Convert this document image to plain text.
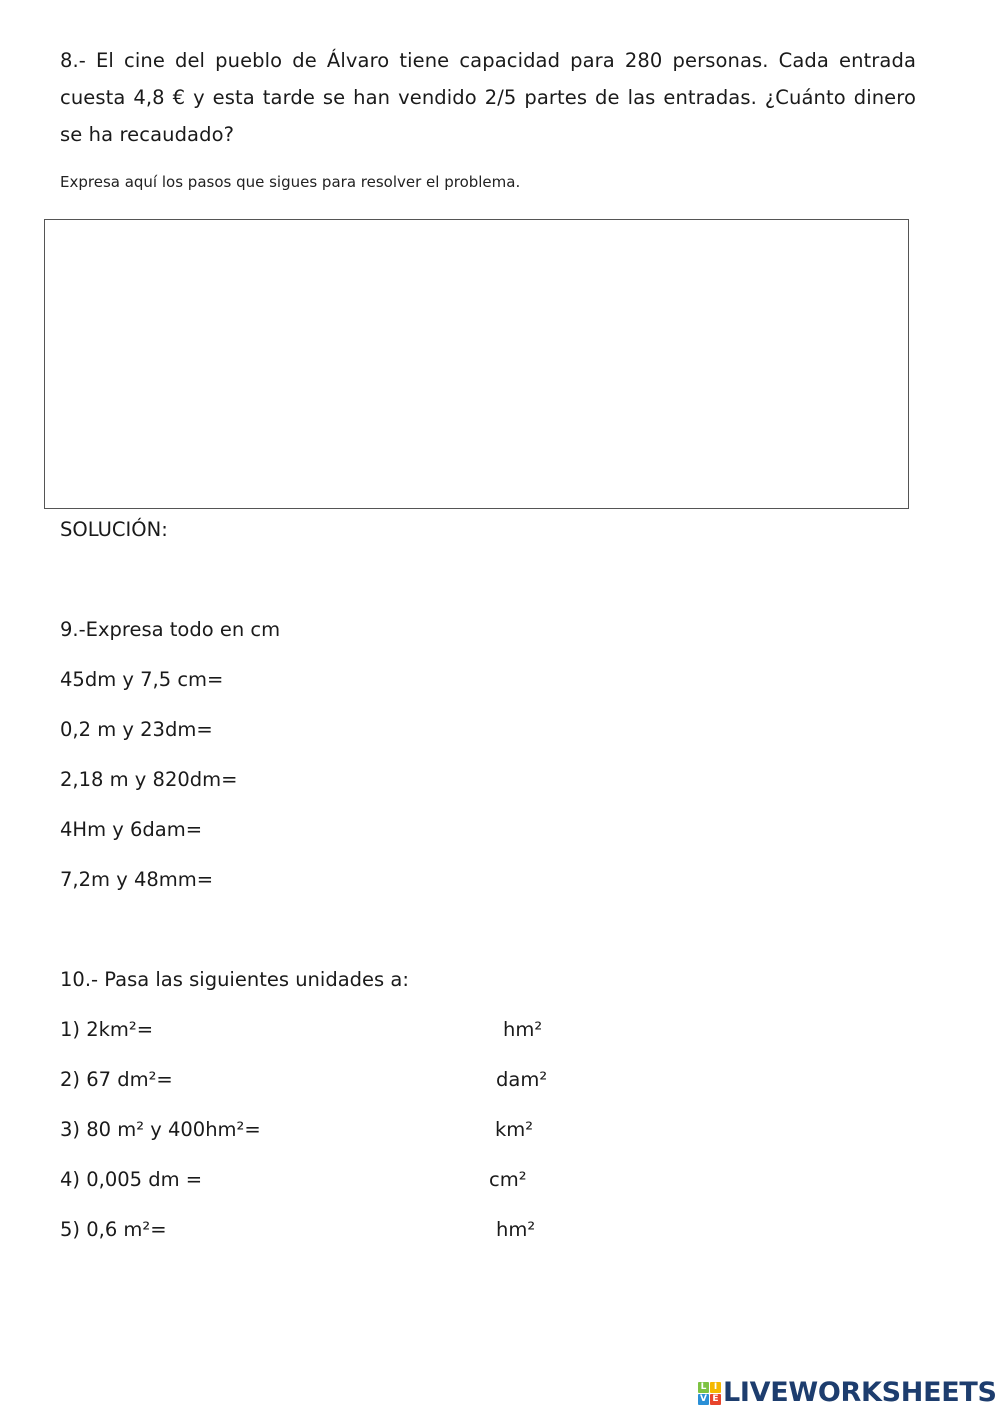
8.- El cine del pueblo de Álvaro tiene capacidad para 280 personas. Cada entrada cuesta 4,8 € y esta tarde se han vendido 2/5 partes de las entradas. ¿Cuánto dinero se ha recaudado?
Expresa aquí los pasos que sigues para resolver el problema.
SOLUCIÓN:
9.-Expresa todo en cm
45dm y 7,5 cm=
0,2 m y 23dm=
2,18 m y 820dm=
4Hm y 6dam=
7,2m y 48mm=
10.- Pasa las siguientes unidades a:
1) 2km²=	hm²
2) 67 dm²=	dam²
3) 80 m² y 400hm²=	km²
4) 0,005 dm =	cm²
5) 0,6 m²=	hm²
L I
V E LIVEWORKSHEETS
